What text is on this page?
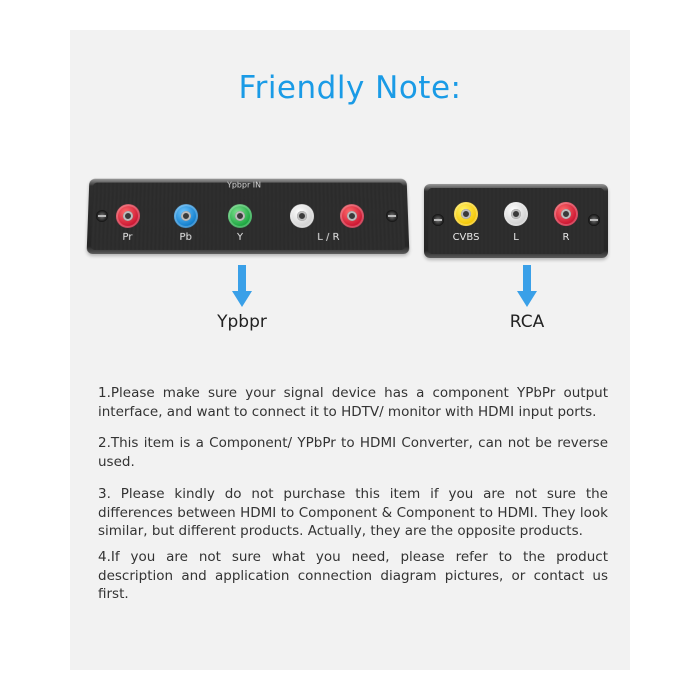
Friendly Note:
Ypbpr IN
Pr	Pb	Y	L / R	CVBS	L	R
Ypbpr	RCA
1.Please make sure your signal device has a component YPbPr output interface, and want to connect it to HDTV/ monitor with HDMI input ports.
2.This item is a Component/ YPbPr to HDMI Converter, can not be reverse used.
3. Please kindly do not purchase this item if you are not sure the differences between HDMI to Component & Component to HDMI. They look similar, but different products. Actually, they are the opposite products.
4.If you are not sure what you need, please refer to the product description and application connection diagram pictures, or contact us first.
